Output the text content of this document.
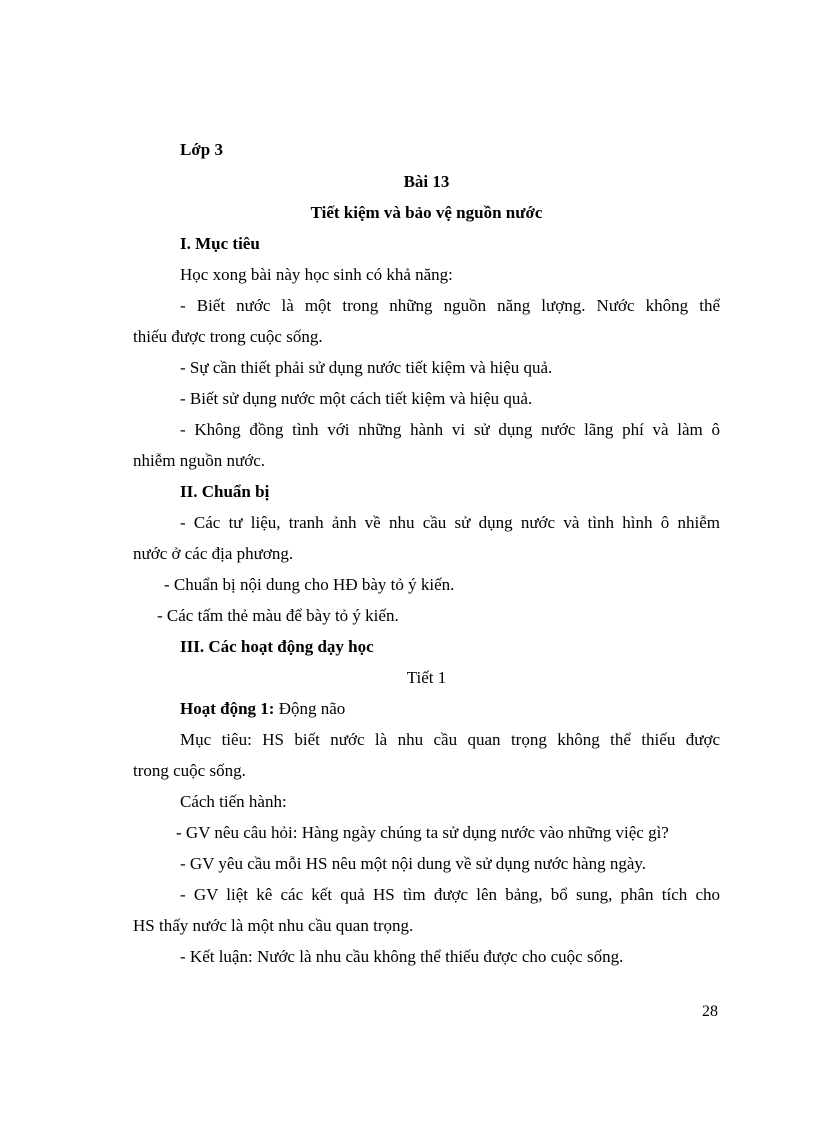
Lớp 3
Bài 13
Tiết kiệm và bảo vệ nguồn nước
I. Mục tiêu
Học xong bài này học sinh có khả năng:
- Biết nước là một trong những nguồn năng lượng. Nước không thể
thiếu được trong cuộc sống.
- Sự cần thiết phải sử dụng nước tiết kiệm và hiệu quả.
- Biết sử dụng nước một cách tiết kiệm và hiệu quả.
- Không đồng tình với những hành vi sử dụng nước lãng phí và làm ô
nhiễm nguồn nước.
II. Chuẩn bị
- Các tư liệu, tranh ảnh về nhu cầu sử dụng nước và tình hình ô nhiễm
nước ở các địa phương.
- Chuẩn bị nội dung cho HĐ bày tỏ ý kiến.
- Các tấm thẻ màu để bày tỏ ý kiến.
III. Các hoạt động dạy học
Tiết 1
Hoạt động 1: Động não
Mục tiêu: HS biết nước là nhu cầu quan trọng không thể thiếu được
trong cuộc sống.
Cách tiến hành:
- GV nêu câu hỏi: Hàng ngày chúng ta sử dụng nước vào những việc gì?
- GV yêu cầu mỗi HS nêu một nội dung về sử dụng nước hàng ngày.
- GV liệt kê các kết quả HS tìm được lên bảng, bổ sung, phân tích cho
HS thấy nước là một nhu cầu quan trọng.
- Kết luận: Nước là nhu cầu không thể thiếu được cho cuộc sống.
28
